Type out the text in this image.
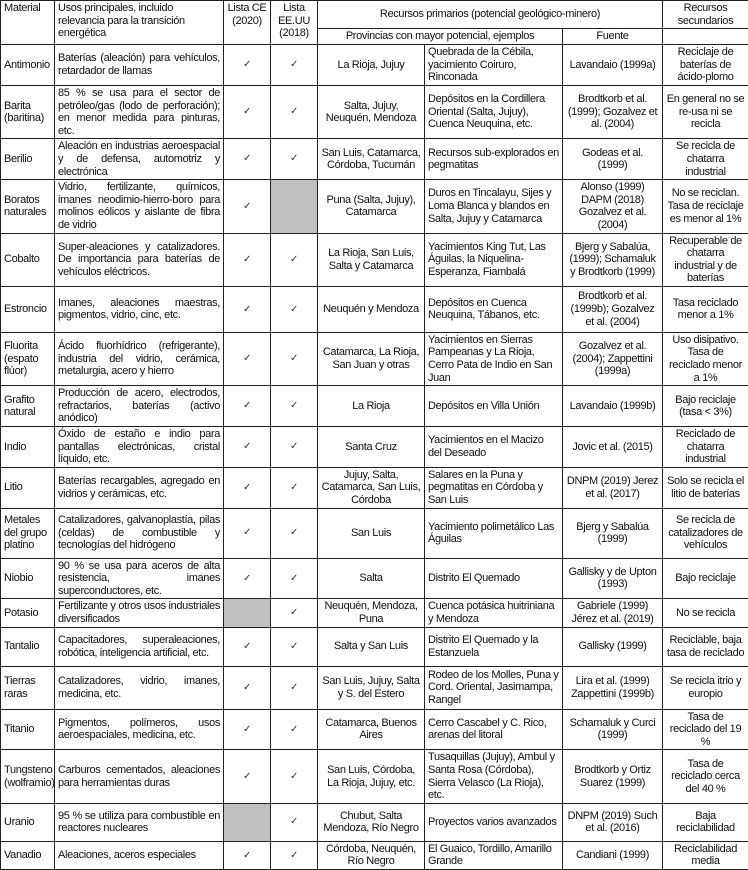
Material	Usos principales, incluido relevancia para la transición energética	Lista CE (2020)	Lista EE.UU (2018)	Recursos primarios (potencial geológico-minero)			Recursos secundarios
				Provincias con mayor potencial, ejemplos		Fuente	
Antimonio	Baterías (aleación) para vehículos, retardador de llamas	✓	✓	La Rioja, Jujuy	Quebrada de la Cébila, yacimiento Coiruro, Rinconada	Lavandaio (1999a)	Reciclaje de baterías de ácido-plomo
Barita (baritina)	85 % se usa para el sector de petróleo/gas (lodo de perforación); en menor medida para pinturas, etc.	✓	✓	Salta, Jujuy, Neuquén, Mendoza	Depósitos en la Cordillera Oriental (Salta, Jujuy), Cuenca Neuquina, etc.	Brodtkorb et al. (1999); Gozalvez et al. (2004)	En general no se re-usa ni se recicla
Berilio	Aleación en industrias aeroespacial y de defensa, automotriz y electrónica	✓	✓	San Luis, Catamarca, Córdoba, Tucumán	Recursos sub-explorados en pegmatitas	Godeas et al. (1999)	Se recicla de chatarra industrial
Boratos naturales	Vidrio, fertilizante, químicos, imanes neodimio-hierro-boro para molinos eólicos y aislante de fibra de vidrio	✓		Puna (Salta, Jujuy), Catamarca	Duros en Tincalayu, Sijes y Loma Blanca y blandos en Salta, Jujuy y Catamarca	Alonso (1999) DAPM (2018) Gozalvez et al. (2004)	No se reciclan. Tasa de reciclaje es menor al 1%
Cobalto	Super-aleaciones y catalizadores. De importancia para baterías de vehículos eléctricos.	✓	✓	La Rioja, San Luis, Salta y Catamarca	Yacimientos King Tut, Las Águilas, la Niquelina-Esperanza, Fiambalá	Bjerg y Sabalúa, (1999); Schamaluk y Brodtkorb (1999)	Recuperable de chatarra industrial y de baterías
Estroncio	Imanes, aleaciones maestras, pigmentos, vidrio, cinc, etc.	✓	✓	Neuquén y Mendoza	Depósitos en Cuenca Neuquina, Tábanos, etc.	Brodtkorb et al. (1999b); Gozalvez et al. (2004)	Tasa reciclado menor a 1%
Fluorita (espato flúor)	Ácido fluorhídrico (refrigerante), industria del vidrio, cerámica, metalurgia, acero y hierro	✓	✓	Catamarca, La Rioja, San Juan y otras	Yacimientos en Sierras Pampeanas y La Rioja, Cerro Pata de Indio en San Juan	Gozalvez et al. (2004); Zappettini (1999a)	Uso disipativo. Tasa de reciclado menor a 1%
Grafito natural	Producción de acero, electrodos, refractarios, baterías (activo anódico)	✓	✓	La Rioja	Depósitos en Villa Unión	Lavandaio (1999b)	Bajo reciclaje (tasa < 3%)
Indio	Óxido de estaño e indio para pantallas electrónicas, cristal líquido, etc.	✓	✓	Santa Cruz	Yacimientos en el Macizo del Deseado	Jovic et al. (2015)	Reciclado de chatarra industrial
Litio	Baterías recargables, agregado en vidrios y cerámicas, etc.	✓	✓	Jujuy, Salta, Catamarca, San Luis, Córdoba	Salares en la Puna y pegmatitas en Córdoba y San Luis	DNPM (2019) Jerez et al. (2017)	Solo se recicla el litio de baterías
Metales del grupo platino	Catalizadores, galvanoplastía, pilas (celdas) de combustible y tecnologías del hidrógeno	✓	✓	San Luis	Yacimiento polimetálico Las Águilas	Bjerg y Sabalúa (1999)	Se recicla de catalizadores de vehículos
Niobio	90 % se usa para aceros de alta resistencia, imanes superconductores, etc.	✓	✓	Salta	Distrito El Quemado	Gallisky y de Upton (1993)	Bajo reciclaje
Potasio	Fertilizante y otros usos industriales diversificados		✓	Neuquén, Mendoza, Puna	Cuenca potásica huitriniana y Mendoza	Gabriele (1999) Jérez et al. (2019)	No se recicla
Tantalio	Capacitadores, superaleaciones, robótica, inteligencia artificial, etc.	✓	✓	Salta y San Luis	Distrito El Quemado y la Estanzuela	Gallisky (1999)	Reciclable, baja tasa de reciclado
Tierras raras	Catalizadores, vidrio, imanes, medicina, etc.	✓	✓	San Luis, Jujuy, Salta y S. del Estero	Rodeo de los Molles, Puna y Cord. Oriental, Jasimampa, Rangel	Lira et al. (1999) Zappettini (1999b)	Se recicla itrio y europio
Titanio	Pigmentos, polímeros, usos aeroespaciales, medicina, etc.	✓	✓	Catamarca, Buenos Aires	Cerro Cascabel y C. Rico, arenas del litoral	Schamaluk y Curci (1999)	Tasa de reciclado del 19 %
Tungsteno (wolframio)	Carburos cementados, aleaciones para herramientas duras	✓	✓	San Luis, Córdoba, La Rioja, Jujuy, etc.	Tusaquillas (Jujuy), Ambul y Santa Rosa (Córdoba), Sierra Velasco (La Rioja), etc.	Brodtkorb y Ortiz Suarez (1999)	Tasa de reciclado cerca del 40 %
Uranio	95 % se utiliza para combustible en reactores nucleares		✓	Chubut, Salta Mendoza, Río Negro	Proyectos varios avanzados	DNPM (2019) Such et al. (2016)	Baja reciclabilidad
Vanadio	Aleaciones, aceros especiales	✓	✓	Córdoba, Neuquén, Río Negro	El Guaico, Tordillo, Amarillo Grande	Candiani (1999)	Reciclabilidad media
